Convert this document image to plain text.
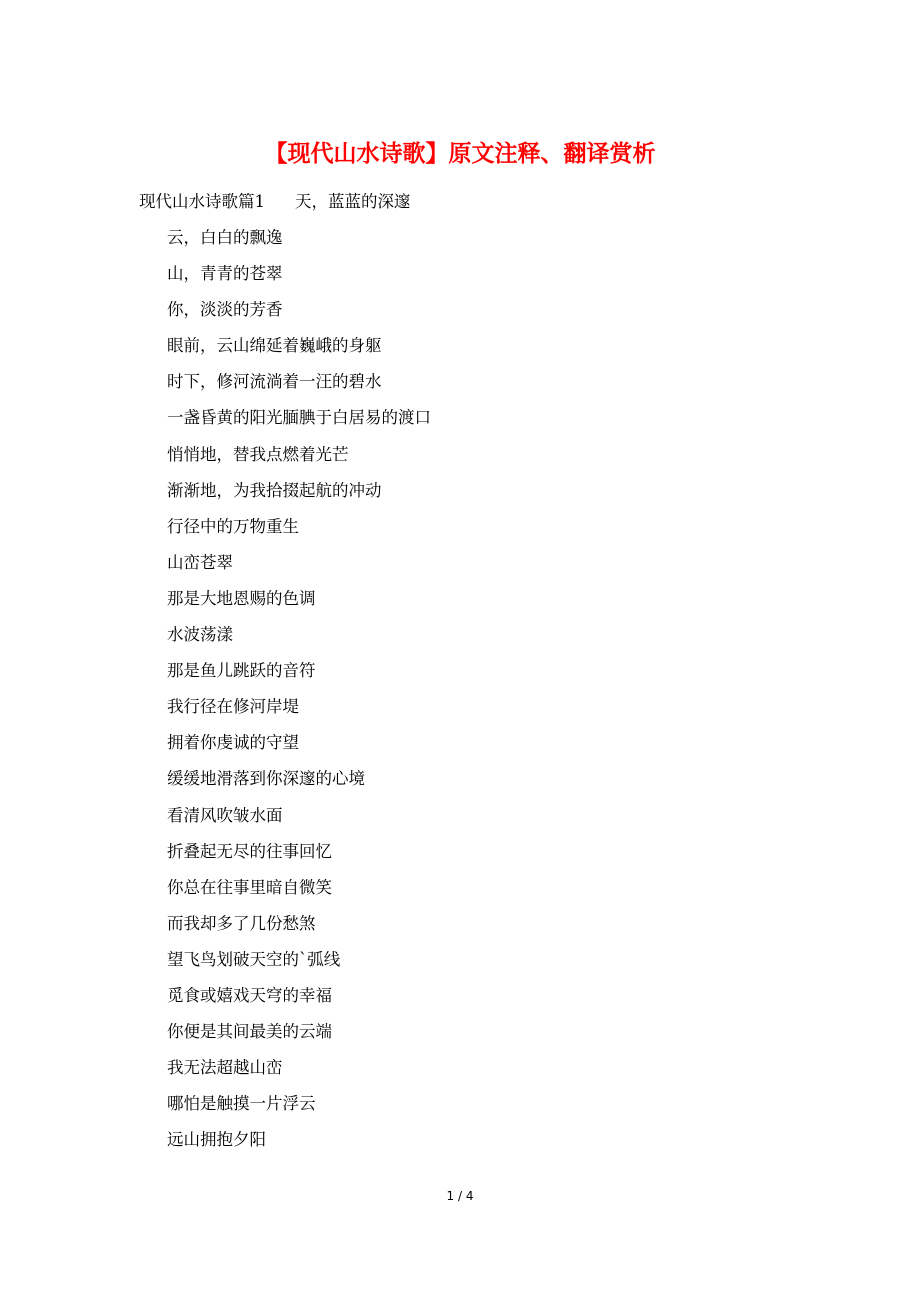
【现代山水诗歌】原文注释、翻译赏析
现代山水诗歌篇1 天，蓝蓝的深邃
云，白白的飘逸
山，青青的苍翠
你，淡淡的芳香
眼前，云山绵延着巍峨的身躯
时下，修河流淌着一汪的碧水
一盏昏黄的阳光腼腆于白居易的渡口
悄悄地，替我点燃着光芒
渐渐地，为我拾掇起航的冲动
行径中的万物重生
山峦苍翠
那是大地恩赐的色调
水波荡漾
那是鱼儿跳跃的音符
我行径在修河岸堤
拥着你虔诚的守望
缓缓地滑落到你深邃的心境
看清风吹皱水面
折叠起无尽的往事回忆
你总在往事里暗自微笑
而我却多了几份愁煞
望飞鸟划破天空的`弧线
觅食或嬉戏天穹的幸福
你便是其间最美的云端
我无法超越山峦
哪怕是触摸一片浮云
远山拥抱夕阳
1 / 4
